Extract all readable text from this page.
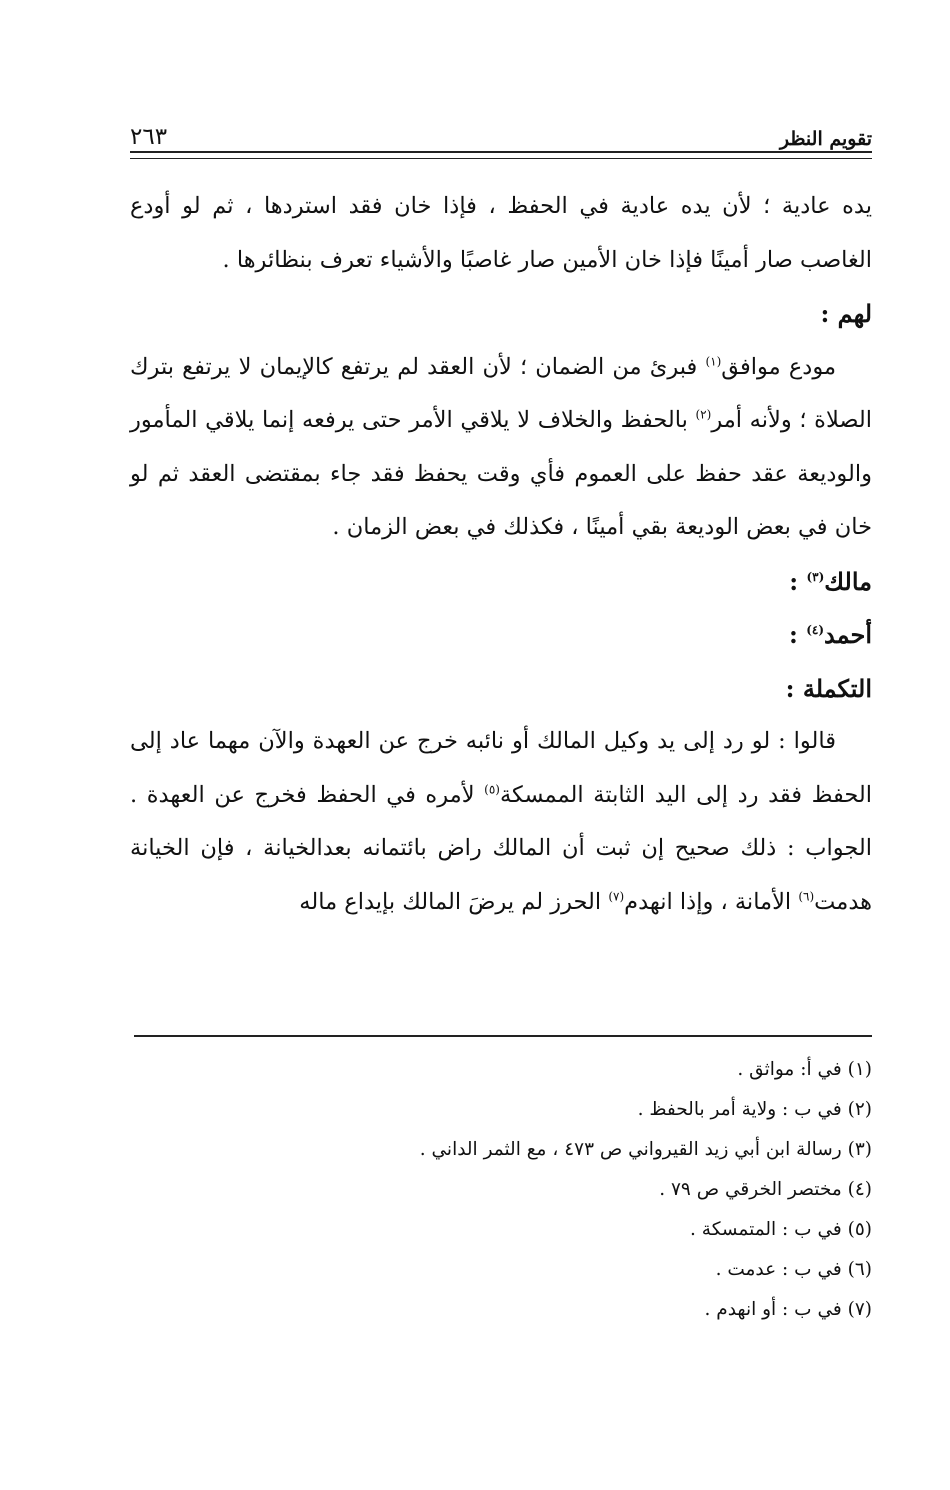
تقويم النظر
٢٦٣

يده عادية ؛ لأن يده عادية في الحفظ ، فإذا خان فقد استردها ، ثم لو أودع الغاصب صار أمينًا فإذا خان الأمين صار غاصبًا والأشياء تعرف بنظائرها .

لهم :

مودع موافق$^{(١)}$ فبرئ من الضمان ؛ لأن العقد لم يرتفع كالإيمان لا يرتفع بترك الصلاة ؛ ولأنه أمر$^{(٢)}$ بالحفظ والخلاف لا يلاقي الأمر حتى يرفعه إنما يلاقي المأمور والوديعة عقد حفظ على العموم فأي وقت يحفظ فقد جاء بمقتضى العقد ثم لو خان في بعض الوديعة بقي أمينًا ، فكذلك في بعض الزمان .

مالك$^{(٣)}$ :

أحمد$^{(٤)}$ :

التكملة :

قالوا : لو رد إلى يد وكيل المالك أو نائبه خرج عن العهدة والآن مهما عاد إلى الحفظ فقد رد إلى اليد الثابتة الممسكة$^{(٥)}$ لأمره في الحفظ فخرج عن العهدة . الجواب : ذلك صحيح إن ثبت أن المالك راض بائتمانه بعدالخيانة ، فإن الخيانة هدمت$^{(٦)}$ الأمانة ، وإذا انهدم$^{(٧)}$ الحرز لم يرضَ المالك بإيداع ماله

(١) في أ: مواثق .

(٢) في ب : ولاية أمر بالحفظ .

(٣) رسالة ابن أبي زيد القيرواني ص ٤٧٣ ، مع الثمر الداني .

(٤) مختصر الخرقي ص ٧٩ .

(٥) في ب : المتمسكة .

(٦) في ب : عدمت .

(٧) في ب : أو انهدم .
